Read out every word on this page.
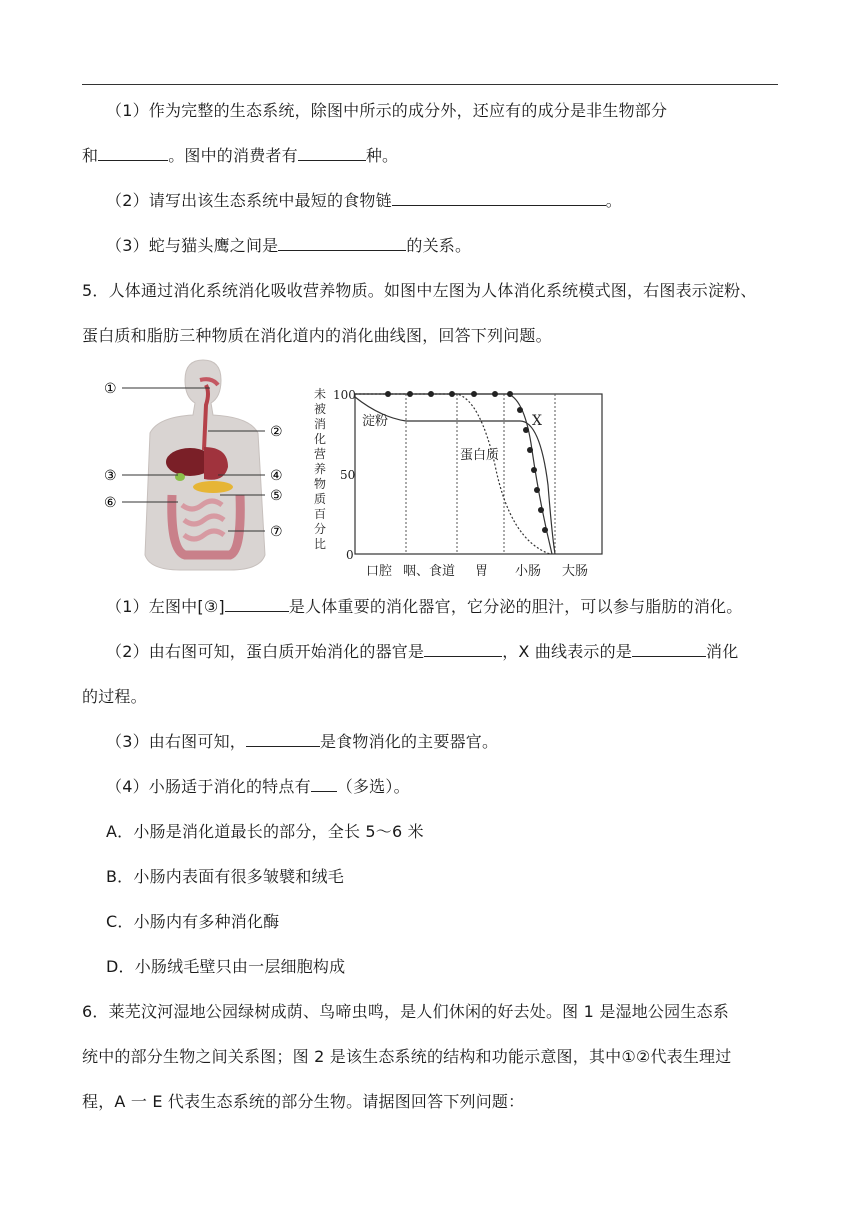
（1）作为完整的生态系统，除图中所示的成分外，还应有的成分是非生物部分
和	。图中的消费者有	种。
（2）请写出该生态系统中最短的食物链	。
（3）蛇与猫头鹰之间是	的关系。
5．人体通过消化系统消化吸收营养物质。如图中左图为人体消化系统模式图，右图表示淀粉、
蛋白质和脂肪三种物质在消化道内的消化曲线图，回答下列问题。
①
②
③	④
⑤
⑥
⑦
未
被
消
化
营
养
物
质
百
分
比
100
50
0
淀粉
蛋白质
X
口腔 咽、食道 胃 小肠 大肠
（1）左图中[③]	是人体重要的消化器官，它分泌的胆汁，可以参与脂肪的消化。
（2）由右图可知，蛋白质开始消化的器官是	，X 曲线表示的是	消化
的过程。
（3）由右图可知，	是食物消化的主要器官。
（4）小肠适于消化的特点有 （多选）。
A．小肠是消化道最长的部分，全长 5～6 米
B．小肠内表面有很多皱襞和绒毛
C．小肠内有多种消化酶
D．小肠绒毛壁只由一层细胞构成
6．莱芜汶河湿地公园绿树成荫、鸟啼虫鸣，是人们休闲的好去处。图 1 是湿地公园生态系
统中的部分生物之间关系图；图 2 是该生态系统的结构和功能示意图，其中①②代表生理过
程，A 一 E 代表生态系统的部分生物。请据图回答下列问题：
